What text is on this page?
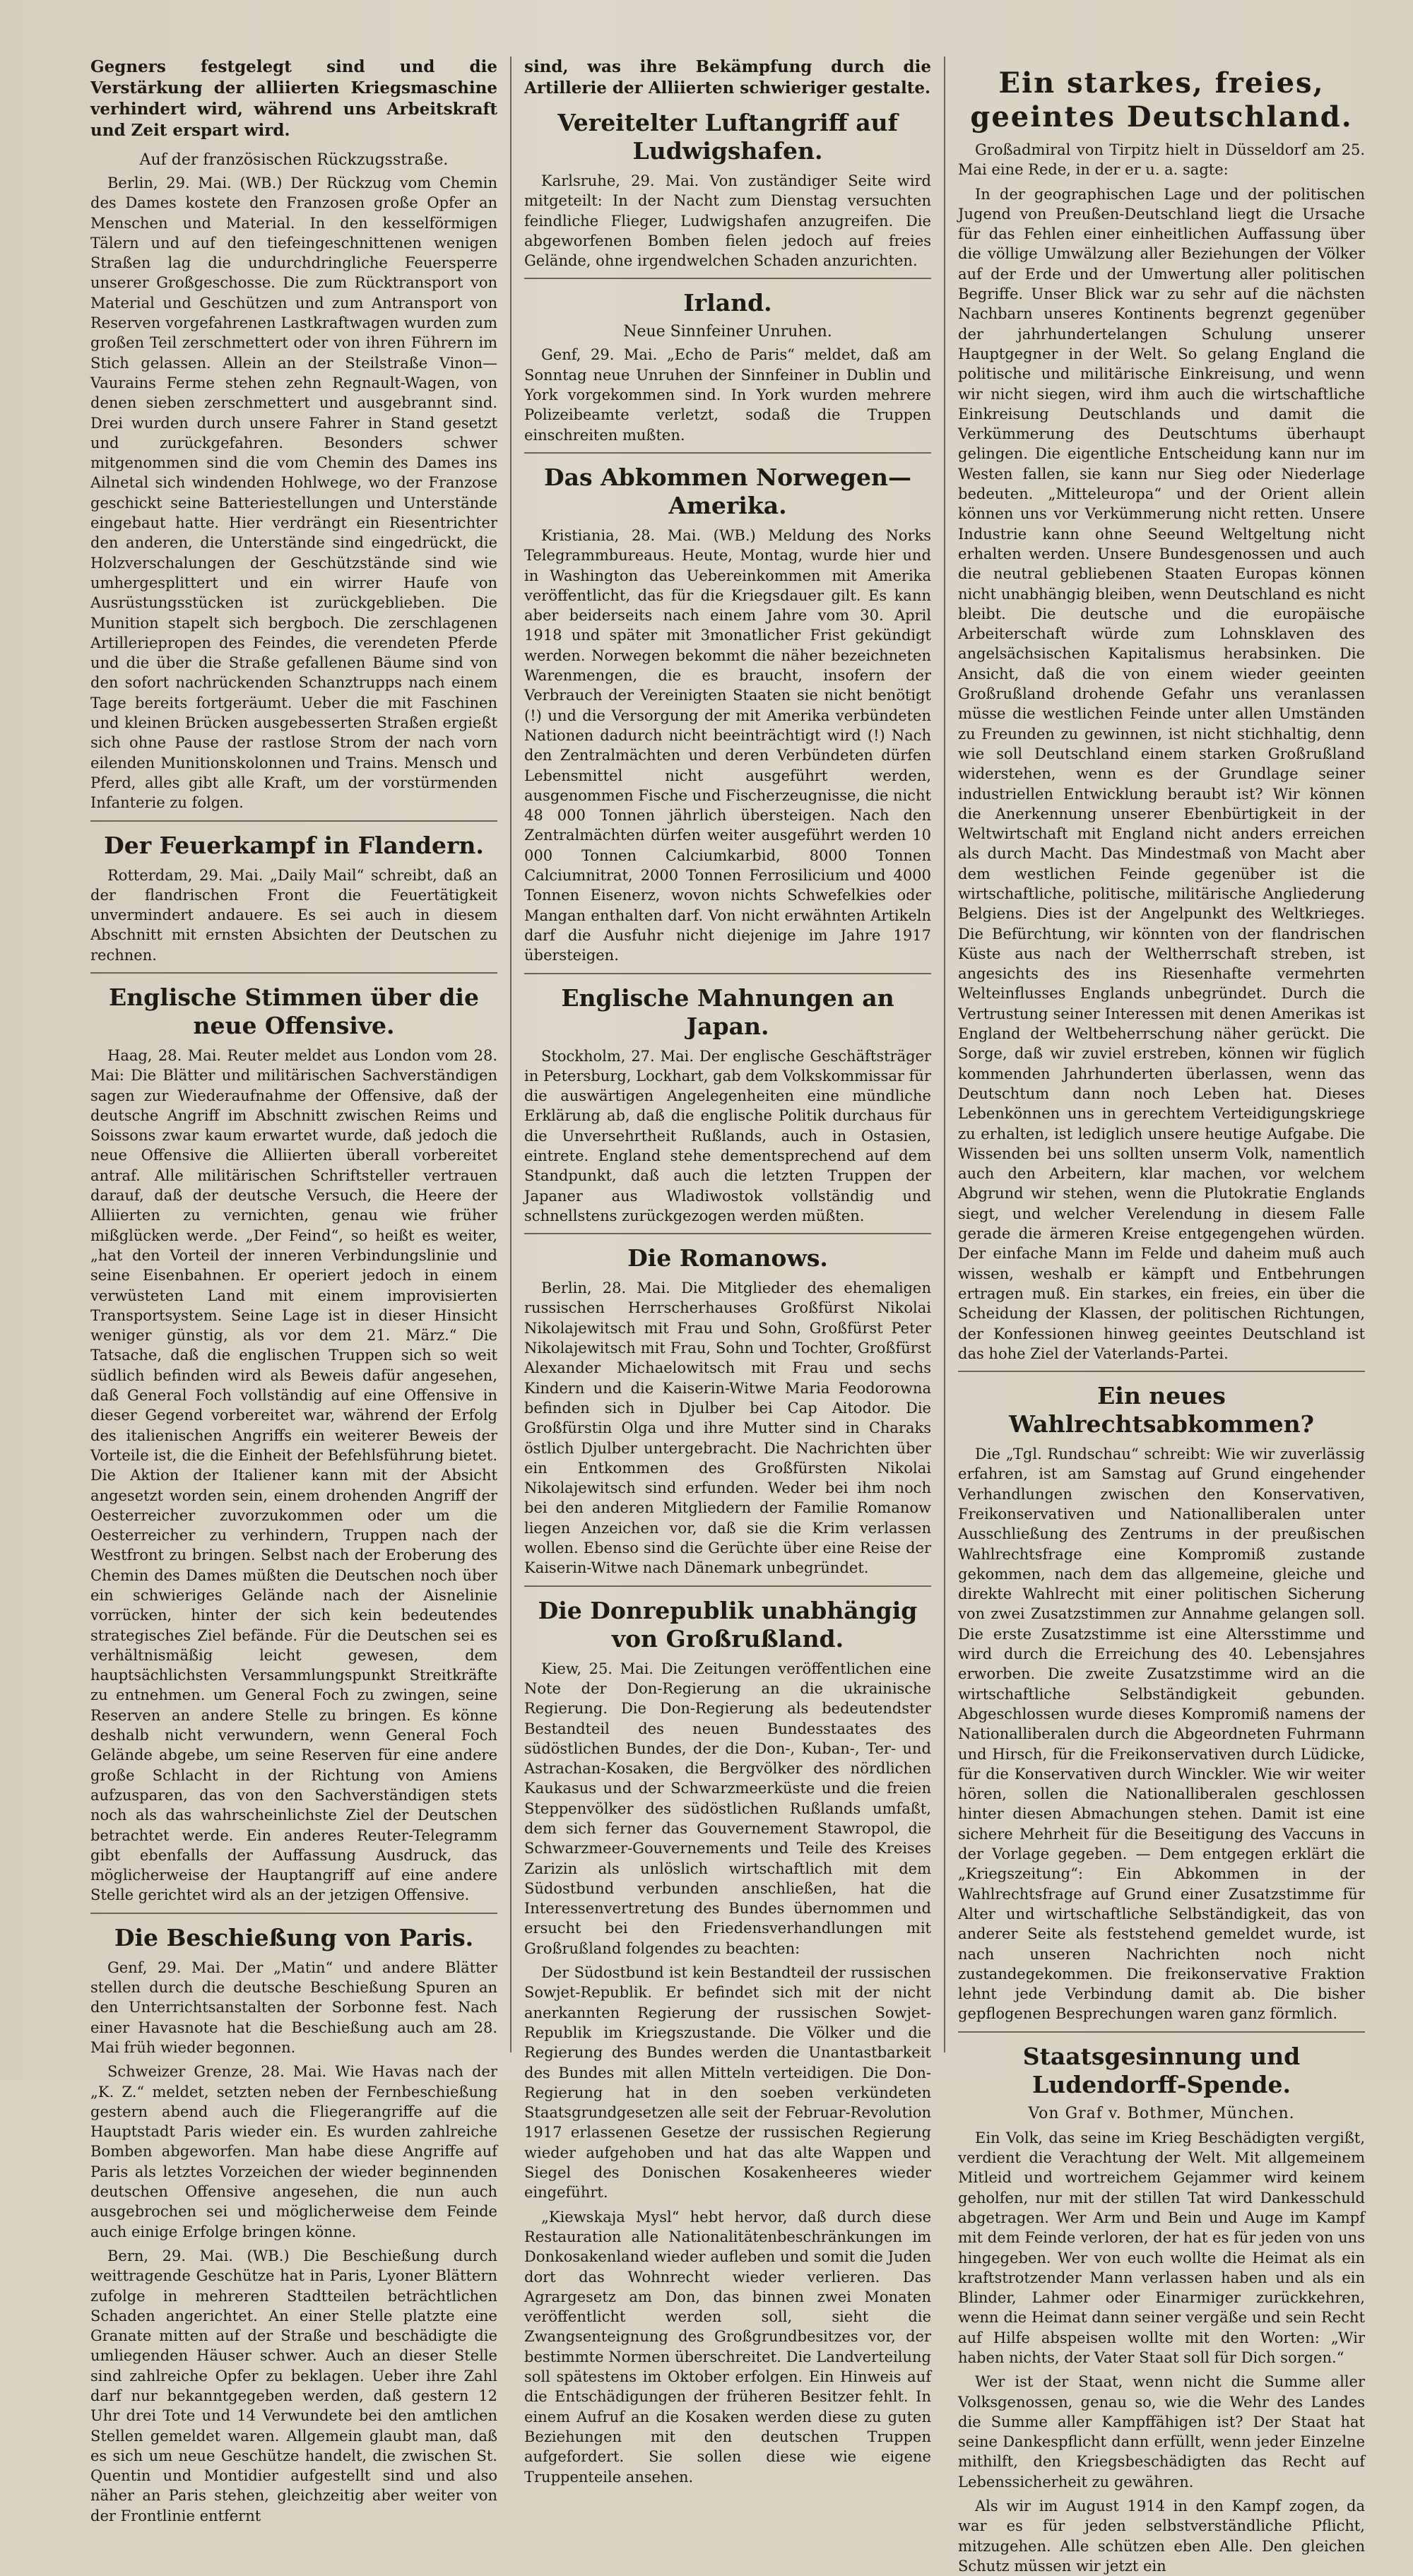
Gegners festgelegt sind und die Verstärkung der alliierten Kriegsmaschine verhindert wird, während uns Arbeitskraft und Zeit erspart wird.

Auf der französischen Rückzugsstraße.

Berlin, 29. Mai. (WB.) Der Rückzug vom Chemin des Dames kostete den Franzosen große Opfer an Menschen und Material. In den kesselförmigen Tälern und auf den tiefeingeschnittenen wenigen Straßen lag die undurchdringliche Feuersperre unserer Großgeschosse. Die zum Rücktransport von Material und Geschützen und zum Antransport von Reserven vorgefahrenen Lastkraftwagen wurden zum großen Teil zerschmettert oder von ihren Führern im Stich gelassen. Allein an der Steilstraße Vinon—Vaurains Ferme stehen zehn Regnault-Wagen, von denen sieben zerschmettert und ausgebrannt sind. Drei wurden durch unsere Fahrer in Stand gesetzt und zurückgefahren. Besonders schwer mitgenommen sind die vom Chemin des Dames ins Ailnetal sich windenden Hohlwege, wo der Franzose geschickt seine Batteriestellungen und Unterstände eingebaut hatte. Hier verdrängt ein Riesentrichter den anderen, die Unterstände sind eingedrückt, die Holzverschalungen der Geschützstände sind wie umhergesplittert und ein wirrer Haufe von Ausrüstungsstücken ist zurückgeblieben. Die Munition stapelt sich bergboch. Die zerschlagenen Artilleriepropen des Feindes, die verendeten Pferde und die über die Straße gefallenen Bäume sind von den sofort nachrückenden Schanztrupps nach einem Tage bereits fortgeräumt. Ueber die mit Faschinen und kleinen Brücken ausgebesserten Straßen ergießt sich ohne Pause der rastlose Strom der nach vorn eilenden Munitionskolonnen und Trains. Mensch und Pferd, alles gibt alle Kraft, um der vorstürmenden Infanterie zu folgen.

Der Feuerkampf in Flandern.

Rotterdam, 29. Mai. „Daily Mail“ schreibt, daß an der flandrischen Front die Feuertätigkeit unvermindert andauere. Es sei auch in diesem Abschnitt mit ernsten Absichten der Deutschen zu rechnen.

Englische Stimmen über die neue Offensive.

Haag, 28. Mai. Reuter meldet aus London vom 28. Mai: Die Blätter und militärischen Sachverständigen sagen zur Wiederaufnahme der Offensive, daß der deutsche Angriff im Abschnitt zwischen Reims und Soissons zwar kaum erwartet wurde, daß jedoch die neue Offensive die Alliierten überall vorbereitet antraf. Alle militärischen Schriftsteller vertrauen darauf, daß der deutsche Versuch, die Heere der Alliierten zu vernichten, genau wie früher mißglücken werde. „Der Feind“, so heißt es weiter, „hat den Vorteil der inneren Verbindungslinie und seine Eisenbahnen. Er operiert jedoch in einem verwüsteten Land mit einem improvisierten Transportsystem. Seine Lage ist in dieser Hinsicht weniger günstig, als vor dem 21. März.“ Die Tatsache, daß die englischen Truppen sich so weit südlich befinden wird als Beweis dafür angesehen, daß General Foch vollständig auf eine Offensive in dieser Gegend vorbereitet war, während der Erfolg des italienischen Angriffs ein weiterer Beweis der Vorteile ist, die die Einheit der Befehlsführung bietet. Die Aktion der Italiener kann mit der Absicht angesetzt worden sein, einem drohenden Angriff der Oesterreicher zuvorzukommen oder um die Oesterreicher zu verhindern, Truppen nach der Westfront zu bringen. Selbst nach der Eroberung des Chemin des Dames müßten die Deutschen noch über ein schwieriges Gelände nach der Aisnelinie vorrücken, hinter der sich kein bedeutendes strategisches Ziel befände. Für die Deutschen sei es verhältnismäßig leicht gewesen, dem hauptsächlichsten Versammlungspunkt Streitkräfte zu entnehmen. um General Foch zu zwingen, seine Reserven an andere Stelle zu bringen. Es könne deshalb nicht verwundern, wenn General Foch Gelände abgebe, um seine Reserven für eine andere große Schlacht in der Richtung von Amiens aufzusparen, das von den Sachverständigen stets noch als das wahrscheinlichste Ziel der Deutschen betrachtet werde. Ein anderes Reuter-Telegramm gibt ebenfalls der Auffassung Ausdruck, das möglicherweise der Hauptangriff auf eine andere Stelle gerichtet wird als an der jetzigen Offensive.

Die Beschießung von Paris.

Genf, 29. Mai. Der „Matin“ und andere Blätter stellen durch die deutsche Beschießung Spuren an den Unterrichtsanstalten der Sorbonne fest. Nach einer Havasnote hat die Beschießung auch am 28. Mai früh wieder begonnen.

Schweizer Grenze, 28. Mai. Wie Havas nach der „K. Z.“ meldet, setzten neben der Fernbeschießung gestern abend auch die Fliegerangriffe auf die Hauptstadt Paris wieder ein. Es wurden zahlreiche Bomben abgeworfen. Man habe diese Angriffe auf Paris als letztes Vorzeichen der wieder beginnenden deutschen Offensive angesehen, die nun auch ausgebrochen sei und möglicherweise dem Feinde auch einige Erfolge bringen könne.

Bern, 29. Mai. (WB.) Die Beschießung durch weittragende Geschütze hat in Paris, Lyoner Blättern zufolge in mehreren Stadtteilen beträchtlichen Schaden angerichtet. An einer Stelle platzte eine Granate mitten auf der Straße und beschädigte die umliegenden Häuser schwer. Auch an dieser Stelle sind zahlreiche Opfer zu beklagen. Ueber ihre Zahl darf nur bekanntgegeben werden, daß gestern 12 Uhr drei Tote und 14 Verwundete bei den amtlichen Stellen gemeldet waren. Allgemein glaubt man, daß es sich um neue Geschütze handelt, die zwischen St. Quentin und Montidier aufgestellt sind und also näher an Paris stehen, gleichzeitig aber weiter von der Frontlinie entfernt

sind, was ihre Bekämpfung durch die Artillerie der Alliierten schwieriger gestalte.

Vereitelter Luftangriff auf Ludwigshafen.

Karlsruhe, 29. Mai. Von zuständiger Seite wird mitgeteilt: In der Nacht zum Dienstag versuchten feindliche Flieger, Ludwigshafen anzugreifen. Die abgeworfenen Bomben fielen jedoch auf freies Gelände, ohne irgendwelchen Schaden anzurichten.

Irland.
Neue Sinnfeiner Unruhen.

Genf, 29. Mai. „Echo de Paris“ meldet, daß am Sonntag neue Unruhen der Sinnfeiner in Dublin und York vorgekommen sind. In York wurden mehrere Polizeibeamte verletzt, sodaß die Truppen einschreiten mußten.

Das Abkommen Norwegen—Amerika.

Kristiania, 28. Mai. (WB.) Meldung des Norks Telegrammbureaus. Heute, Montag, wurde hier und in Washington das Uebereinkommen mit Amerika veröffentlicht, das für die Kriegsdauer gilt. Es kann aber beiderseits nach einem Jahre vom 30. April 1918 und später mit 3monatlicher Frist gekündigt werden. Norwegen bekommt die näher bezeichneten Warenmengen, die es braucht, insofern der Verbrauch der Vereinigten Staaten sie nicht benötigt (!) und die Versorgung der mit Amerika verbündeten Nationen dadurch nicht beeinträchtigt wird (!) Nach den Zentralmächten und deren Verbündeten dürfen Lebensmittel nicht ausgeführt werden, ausgenommen Fische und Fischerzeugnisse, die nicht 48 000 Tonnen jährlich übersteigen. Nach den Zentralmächten dürfen weiter ausgeführt werden 10 000 Tonnen Calciumkarbid, 8000 Tonnen Calciumnitrat, 2000 Tonnen Ferrosilicium und 4000 Tonnen Eisenerz, wovon nichts Schwefelkies oder Mangan enthalten darf. Von nicht erwähnten Artikeln darf die Ausfuhr nicht diejenige im Jahre 1917 übersteigen.

Englische Mahnungen an Japan.

Stockholm, 27. Mai. Der englische Geschäftsträger in Petersburg, Lockhart, gab dem Volkskommissar für die auswärtigen Angelegenheiten eine mündliche Erklärung ab, daß die englische Politik durchaus für die Unversehrtheit Rußlands, auch in Ostasien, eintrete. England stehe dementsprechend auf dem Standpunkt, daß auch die letzten Truppen der Japaner aus Wladiwostok vollständig und schnellstens zurückgezogen werden müßten.

Die Romanows.

Berlin, 28. Mai. Die Mitglieder des ehemaligen russischen Herrscherhauses Großfürst Nikolai Nikolajewitsch mit Frau und Sohn, Großfürst Peter Nikolajewitsch mit Frau, Sohn und Tochter, Großfürst Alexander Michaelowitsch mit Frau und sechs Kindern und die Kaiserin-Witwe Maria Feodorowna befinden sich in Djulber bei Cap Aitodor. Die Großfürstin Olga und ihre Mutter sind in Charaks östlich Djulber untergebracht. Die Nachrichten über ein Entkommen des Großfürsten Nikolai Nikolajewitsch sind erfunden. Weder bei ihm noch bei den anderen Mitgliedern der Familie Romanow liegen Anzeichen vor, daß sie die Krim verlassen wollen. Ebenso sind die Gerüchte über eine Reise der Kaiserin-Witwe nach Dänemark unbegründet.

Die Donrepublik unabhängig von Großrußland.

Kiew, 25. Mai. Die Zeitungen veröffentlichen eine Note der Don-Regierung an die ukrainische Regierung. Die Don-Regierung als bedeutendster Bestandteil des neuen Bundesstaates des südöstlichen Bundes, der die Don-, Kuban-, Ter- und Astrachan-Kosaken, die Bergvölker des nördlichen Kaukasus und der Schwarzmeerküste und die freien Steppenvölker des südöstlichen Rußlands umfaßt, dem sich ferner das Gouvernement Stawropol, die Schwarzmeer-Gouvernements und Teile des Kreises Zarizin als unlöslich wirtschaftlich mit dem Südostbund verbunden anschließen, hat die Interessenvertretung des Bundes übernommen und ersucht bei den Friedensverhandlungen mit Großrußland folgendes zu beachten:

Der Südostbund ist kein Bestandteil der russischen Sowjet-Republik. Er befindet sich mit der nicht anerkannten Regierung der russischen Sowjet-Republik im Kriegszustande. Die Völker und die Regierung des Bundes werden die Unantastbarkeit des Bundes mit allen Mitteln verteidigen. Die Don-Regierung hat in den soeben verkündeten Staatsgrundgesetzen alle seit der Februar-Revolution 1917 erlassenen Gesetze der russischen Regierung wieder aufgehoben und hat das alte Wappen und Siegel des Donischen Kosakenheeres wieder eingeführt.

„Kiewskaja Mysl“ hebt hervor, daß durch diese Restauration alle Nationalitätenbeschränkungen im Donkosakenland wieder aufleben und somit die Juden dort das Wohnrecht wieder verlieren. Das Agrargesetz am Don, das binnen zwei Monaten veröffentlicht werden soll, sieht die Zwangsenteignung des Großgrundbesitzes vor, der bestimmte Normen überschreitet. Die Landverteilung soll spätestens im Oktober erfolgen. Ein Hinweis auf die Entschädigungen der früheren Besitzer fehlt. In einem Aufruf an die Kosaken werden diese zu guten Beziehungen mit den deutschen Truppen aufgefordert. Sie sollen diese wie eigene Truppenteile ansehen.

Ein starkes, freies, geeintes Deutschland.

Großadmiral von Tirpitz hielt in Düsseldorf am 25. Mai eine Rede, in der er u. a. sagte:

In der geographischen Lage und der politischen Jugend von Preußen-Deutschland liegt die Ursache für das Fehlen einer einheitlichen Auffassung über die völlige Umwälzung aller Beziehungen der Völker auf der Erde und der Umwertung aller politischen Begriffe. Unser Blick war zu sehr auf die nächsten Nachbarn unseres Kontinents begrenzt gegenüber der jahrhundertelangen Schulung unserer Hauptgegner in der Welt. So gelang England die politische und militärische Einkreisung, und wenn wir nicht siegen, wird ihm auch die wirtschaftliche Einkreisung Deutschlands und damit die Verkümmerung des Deutschtums überhaupt gelingen. Die eigentliche Entscheidung kann nur im Westen fallen, sie kann nur Sieg oder Niederlage bedeuten. „Mitteleuropa“ und der Orient allein können uns vor Verkümmerung nicht retten. Unsere Industrie kann ohne Seeund Weltgeltung nicht erhalten werden. Unsere Bundesgenossen und auch die neutral gebliebenen Staaten Europas können nicht unabhängig bleiben, wenn Deutschland es nicht bleibt. Die deutsche und die europäische Arbeiterschaft würde zum Lohnsklaven des angelsächsischen Kapitalismus herabsinken. Die Ansicht, daß die von einem wieder geeinten Großrußland drohende Gefahr uns veranlassen müsse die westlichen Feinde unter allen Umständen zu Freunden zu gewinnen, ist nicht stichhaltig, denn wie soll Deutschland einem starken Großrußland widerstehen, wenn es der Grundlage seiner industriellen Entwicklung beraubt ist? Wir können die Anerkennung unserer Ebenbürtigkeit in der Weltwirtschaft mit England nicht anders erreichen als durch Macht. Das Mindestmaß von Macht aber dem westlichen Feinde gegenüber ist die wirtschaftliche, politische, militärische Angliederung Belgiens. Dies ist der Angelpunkt des Weltkrieges. Die Befürchtung, wir könnten von der flandrischen Küste aus nach der Weltherrschaft streben, ist angesichts des ins Riesenhafte vermehrten Welteinflusses Englands unbegründet. Durch die Vertrustung seiner Interessen mit denen Amerikas ist England der Weltbeherrschung näher gerückt. Die Sorge, daß wir zuviel erstreben, können wir füglich kommenden Jahrhunderten überlassen, wenn das Deutschtum dann noch Leben hat. Dieses Lebenkönnen uns in gerechtem Verteidigungskriege zu erhalten, ist lediglich unsere heutige Aufgabe. Die Wissenden bei uns sollten unserm Volk, namentlich auch den Arbeitern, klar machen, vor welchem Abgrund wir stehen, wenn die Plutokratie Englands siegt, und welcher Verelendung in diesem Falle gerade die ärmeren Kreise entgegengehen würden. Der einfache Mann im Felde und daheim muß auch wissen, weshalb er kämpft und Entbehrungen ertragen muß. Ein starkes, ein freies, ein über die Scheidung der Klassen, der politischen Richtungen, der Konfessionen hinweg geeintes Deutschland ist das hohe Ziel der Vaterlands-Partei.

Ein neues Wahlrechtsabkommen?

Die „Tgl. Rundschau“ schreibt: Wie wir zuverlässig erfahren, ist am Samstag auf Grund eingehender Verhandlungen zwischen den Konservativen, Freikonservativen und Nationalliberalen unter Ausschließung des Zentrums in der preußischen Wahlrechtsfrage eine Kompromiß zustande gekommen, nach dem das allgemeine, gleiche und direkte Wahlrecht mit einer politischen Sicherung von zwei Zusatzstimmen zur Annahme gelangen soll. Die erste Zusatzstimme ist eine Altersstimme und wird durch die Erreichung des 40. Lebensjahres erworben. Die zweite Zusatzstimme wird an die wirtschaftliche Selbständigkeit gebunden. Abgeschlossen wurde dieses Kompromiß namens der Nationalliberalen durch die Abgeordneten Fuhrmann und Hirsch, für die Freikonservativen durch Lüdicke, für die Konservativen durch Winckler. Wie wir weiter hören, sollen die Nationalliberalen geschlossen hinter diesen Abmachungen stehen. Damit ist eine sichere Mehrheit für die Beseitigung des Vaccuns in der Vorlage gegeben. — Dem entgegen erklärt die „Kriegszeitung“: Ein Abkommen in der Wahlrechtsfrage auf Grund einer Zusatzstimme für Alter und wirtschaftliche Selbständigkeit, das von anderer Seite als feststehend gemeldet wurde, ist nach unseren Nachrichten noch nicht zustandegekommen. Die freikonservative Fraktion lehnt jede Verbindung damit ab. Die bisher gepflogenen Besprechungen waren ganz förmlich.

Staatsgesinnung und Ludendorff-Spende.
Von Graf v. Bothmer, München.

Ein Volk, das seine im Krieg Beschädigten vergißt, verdient die Verachtung der Welt. Mit allgemeinem Mitleid und wortreichem Gejammer wird keinem geholfen, nur mit der stillen Tat wird Dankesschuld abgetragen. Wer Arm und Bein und Auge im Kampf mit dem Feinde verloren, der hat es für jeden von uns hingegeben. Wer von euch wollte die Heimat als ein kraftstrotzender Mann verlassen haben und als ein Blinder, Lahmer oder Einarmiger zurückkehren, wenn die Heimat dann seiner vergäße und sein Recht auf Hilfe abspeisen wollte mit den Worten: „Wir haben nichts, der Vater Staat soll für Dich sorgen.“

Wer ist der Staat, wenn nicht die Summe aller Volksgenossen, genau so, wie die Wehr des Landes die Summe aller Kampffähigen ist? Der Staat hat seine Dankespflicht dann erfüllt, wenn jeder Einzelne mithilft, den Kriegsbeschädigten das Recht auf Lebenssicherheit zu gewähren.

Als wir im August 1914 in den Kampf zogen, da war es für jeden selbstverständliche Pflicht, mitzugehen. Alle schützen eben Alle. Den gleichen Schutz müssen wir jetzt ein
